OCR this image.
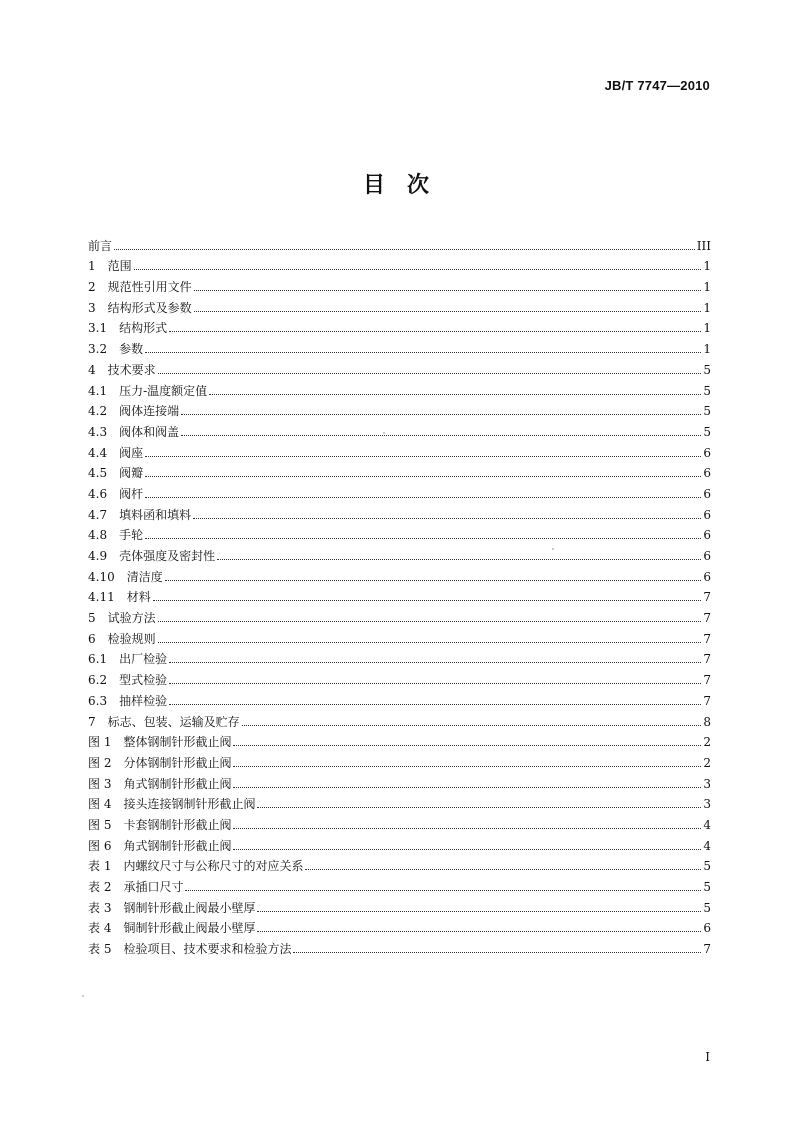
JB/T 7747—2010
目　次
前言	III
1	范围	1
2	规范性引用文件	1
3	结构形式及参数	1
3.1	结构形式	1
3.2	参数	1
4	技术要求	5
4.1	压力-温度额定值	5
4.2	阀体连接端	5
4.3	阀体和阀盖	5
4.4	阀座	6
4.5	阀瓣	6
4.6	阀杆	6
4.7	填料函和填料	6
4.8	手轮	6
4.9	壳体强度及密封性	6
4.10	清洁度	6
4.11	材料	7
5	试验方法	7
6	检验规则	7
6.1	出厂检验	7
6.2	型式检验	7
6.3	抽样检验	7
7	标志、包装、运输及贮存	8
图 1	整体钢制针形截止阀	2
图 2	分体钢制针形截止阀	2
图 3	角式钢制针形截止阀	3
图 4	接头连接钢制针形截止阀	3
图 5	卡套钢制针形截止阀	4
图 6	角式钢制针形截止阀	4
表 1	内螺纹尺寸与公称尺寸的对应关系	5
表 2	承插口尺寸	5
表 3	钢制针形截止阀最小壁厚	5
表 4	铜制针形截止阀最小壁厚	6
表 5	检验项目、技术要求和检验方法	7
I
